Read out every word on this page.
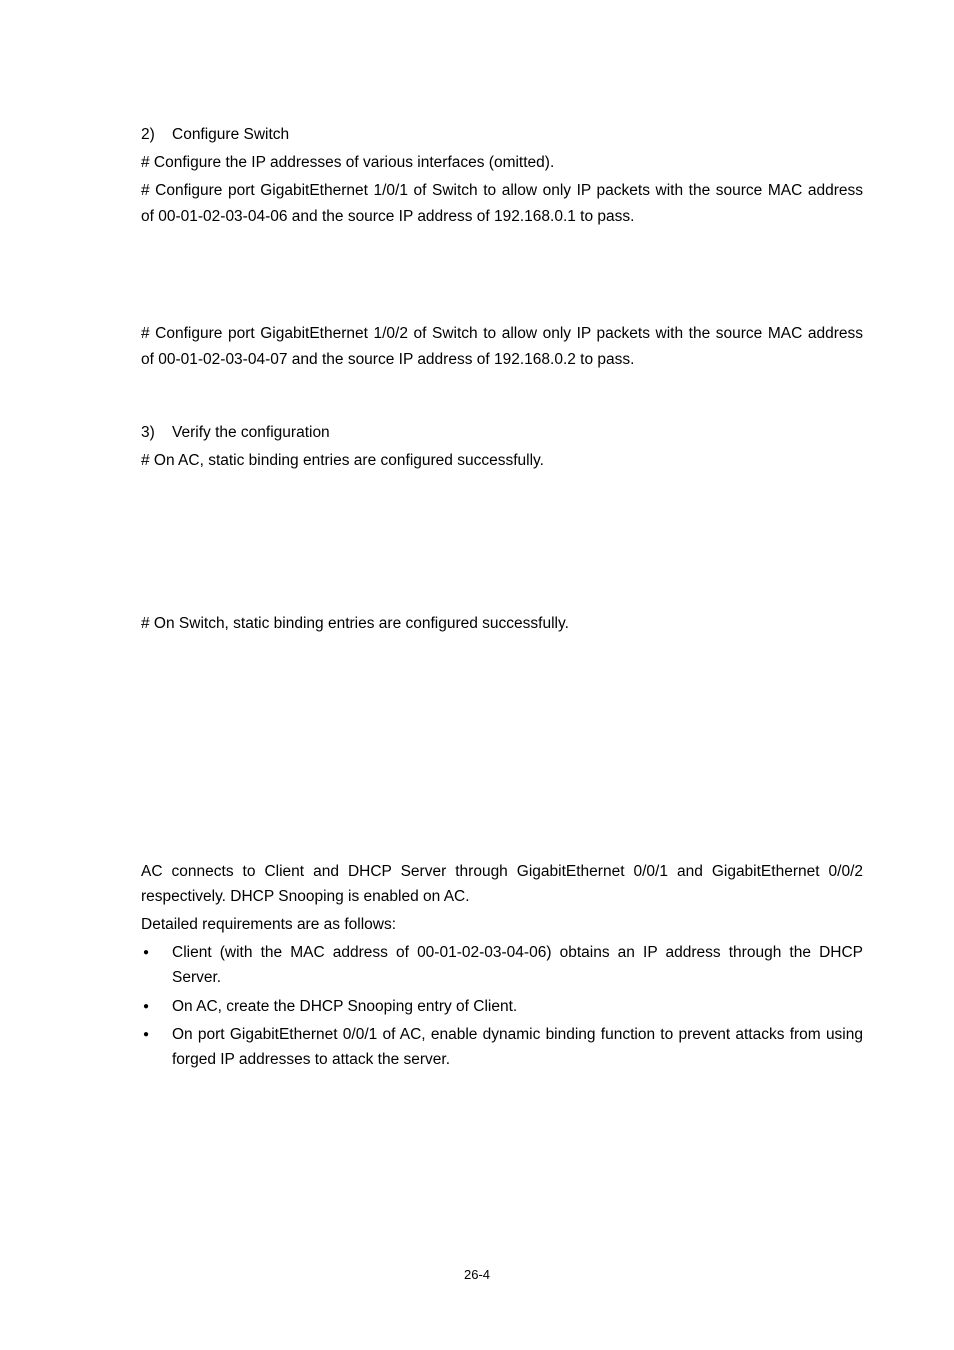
2) Configure Switch
# Configure the IP addresses of various interfaces (omitted).
# Configure port GigabitEthernet 1/0/1 of Switch to allow only IP packets with the source MAC address
of 00-01-02-03-04-06 and the source IP address of 192.168.0.1 to pass.
# Configure port GigabitEthernet 1/0/2 of Switch to allow only IP packets with the source MAC address
of 00-01-02-03-04-07 and the source IP address of 192.168.0.2 to pass.
3) Verify the configuration
# On AC, static binding entries are configured successfully.
# On Switch, static binding entries are configured successfully.
AC connects to Client and DHCP Server through GigabitEthernet 0/0/1 and GigabitEthernet 0/0/2
respectively. DHCP Snooping is enabled on AC.
Detailed requirements are as follows:
● Client (with the MAC address of 00-01-02-03-04-06) obtains an IP address through the DHCP
Server.
● On AC, create the DHCP Snooping entry of Client.
● On port GigabitEthernet 0/0/1 of AC, enable dynamic binding function to prevent attacks from using
forged IP addresses to attack the server.
26-4
